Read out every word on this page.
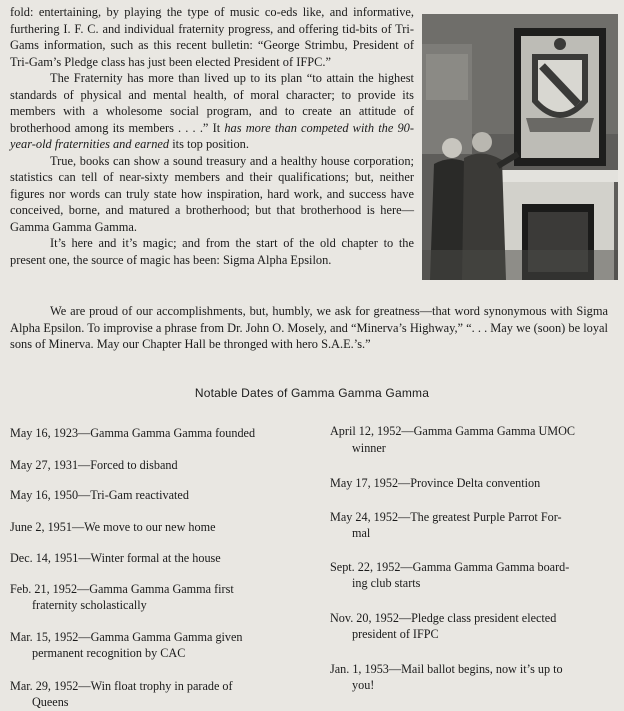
fold: entertaining, by playing the type of music co-eds like, and informative, furthering I. F. C. and individual fraternity progress, and offering tid-bits of Tri-Gams information, such as this recent bulletin: “George Strimbu, President of Tri-Gam’s Pledge class has just been elected President of IFPC.”

The Fraternity has more than lived up to its plan “to attain the highest standards of physical and mental health, of moral character; to provide its members with a wholesome social program, and to create an attitude of brotherhood among its members . . . .” It has more than competed with the 90-year-old fraternities and earned its top position.

True, books can show a sound treasury and a healthy house corporation; statistics can tell of near-sixty members and their qualifications; but, neither figures nor words can truly state how inspiration, hard work, and success have conceived, borne, and matured a brotherhood; but that brotherhood is here—Gamma Gamma Gamma.

It’s here and it’s magic; and from the start of the old chapter to the present one, the source of magic has been: Sigma Alpha Epsilon.

We are proud of our accomplishments, but, humbly, we ask for greatness—that word synonymous with Sigma Alpha Epsilon. To improvise a phrase from Dr. John O. Mosely, and “Minerva’s Highway,” “. . . May we (soon) be loyal sons of Minerva. May our Chapter Hall be thronged with hero S.A.E.’s.”

Notable Dates of Gamma Gamma Gamma

May 16, 1923—Gamma Gamma Gamma founded

May 27, 1931—Forced to disband

May 16, 1950—Tri-Gam reactivated

June 2, 1951—We move to our new home

Dec. 14, 1951—Winter formal at the house

Feb. 21, 1952—Gamma Gamma Gamma first
fraternity scholastically

Mar. 15, 1952—Gamma Gamma Gamma given
permanent recognition by CAC

Mar. 29, 1952—Win float trophy in parade of
Queens

April 12, 1952—Gamma Gamma Gamma UMOC
winner

May 17, 1952—Province Delta convention

May 24, 1952—The greatest Purple Parrot For-
mal

Sept. 22, 1952—Gamma Gamma Gamma board-
ing club starts

Nov. 20, 1952—Pledge class president elected
president of IFPC

Jan. 1, 1953—Mail ballot begins, now it’s up to
you!
